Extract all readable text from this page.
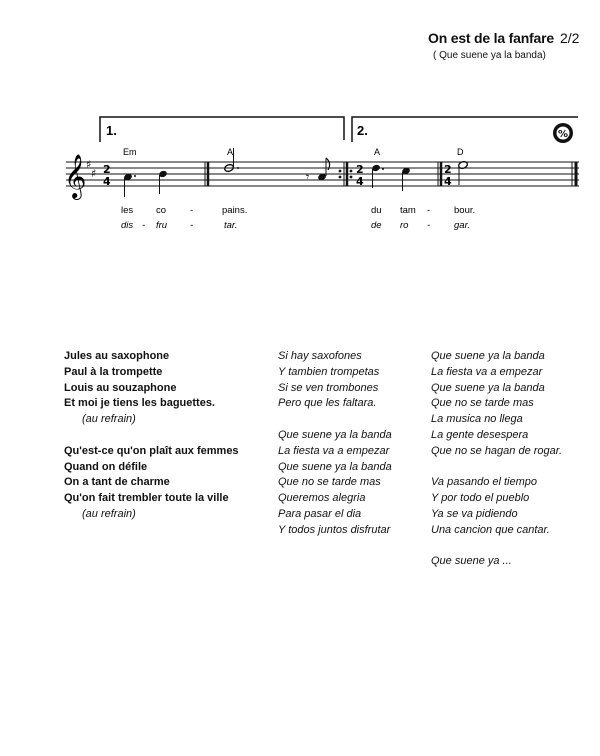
On est de la fanfare 2/2
( Que suene ya la banda)
1.	2.	%
𝄞 ♯
♯ 2
4
Em	A	A	D
𝄾
2
4
2
4
les co	-	pains.	du tam -	bour.
dis - fru -	tar.	de ro -	gar.
Jules au saxophone
Paul à la trompette
Louis au souzaphone
Et moi je tiens les baguettes.
(au refrain)
Qu'est-ce qu'on plaît aux femmes
Quand on défile
On a tant de charme
Qu'on fait trembler toute la ville
(au refrain)
Si hay saxofones
Y tambien trompetas
Si se ven trombones
Pero que les faltara.
Que suene ya la banda
La fiesta va a empezar
Que suene ya la banda
Que no se tarde mas
Queremos alegria
Para pasar el dia
Y todos juntos disfrutar
Que suene ya la banda
La fiesta va a empezar
Que suene ya la banda
Que no se tarde mas
La musica no llega
La gente desespera
Que no se hagan de rogar.
Va pasando el tiempo
Y por todo el pueblo
Ya se va pidiendo
Una cancion que cantar.
Que suene ya ...
